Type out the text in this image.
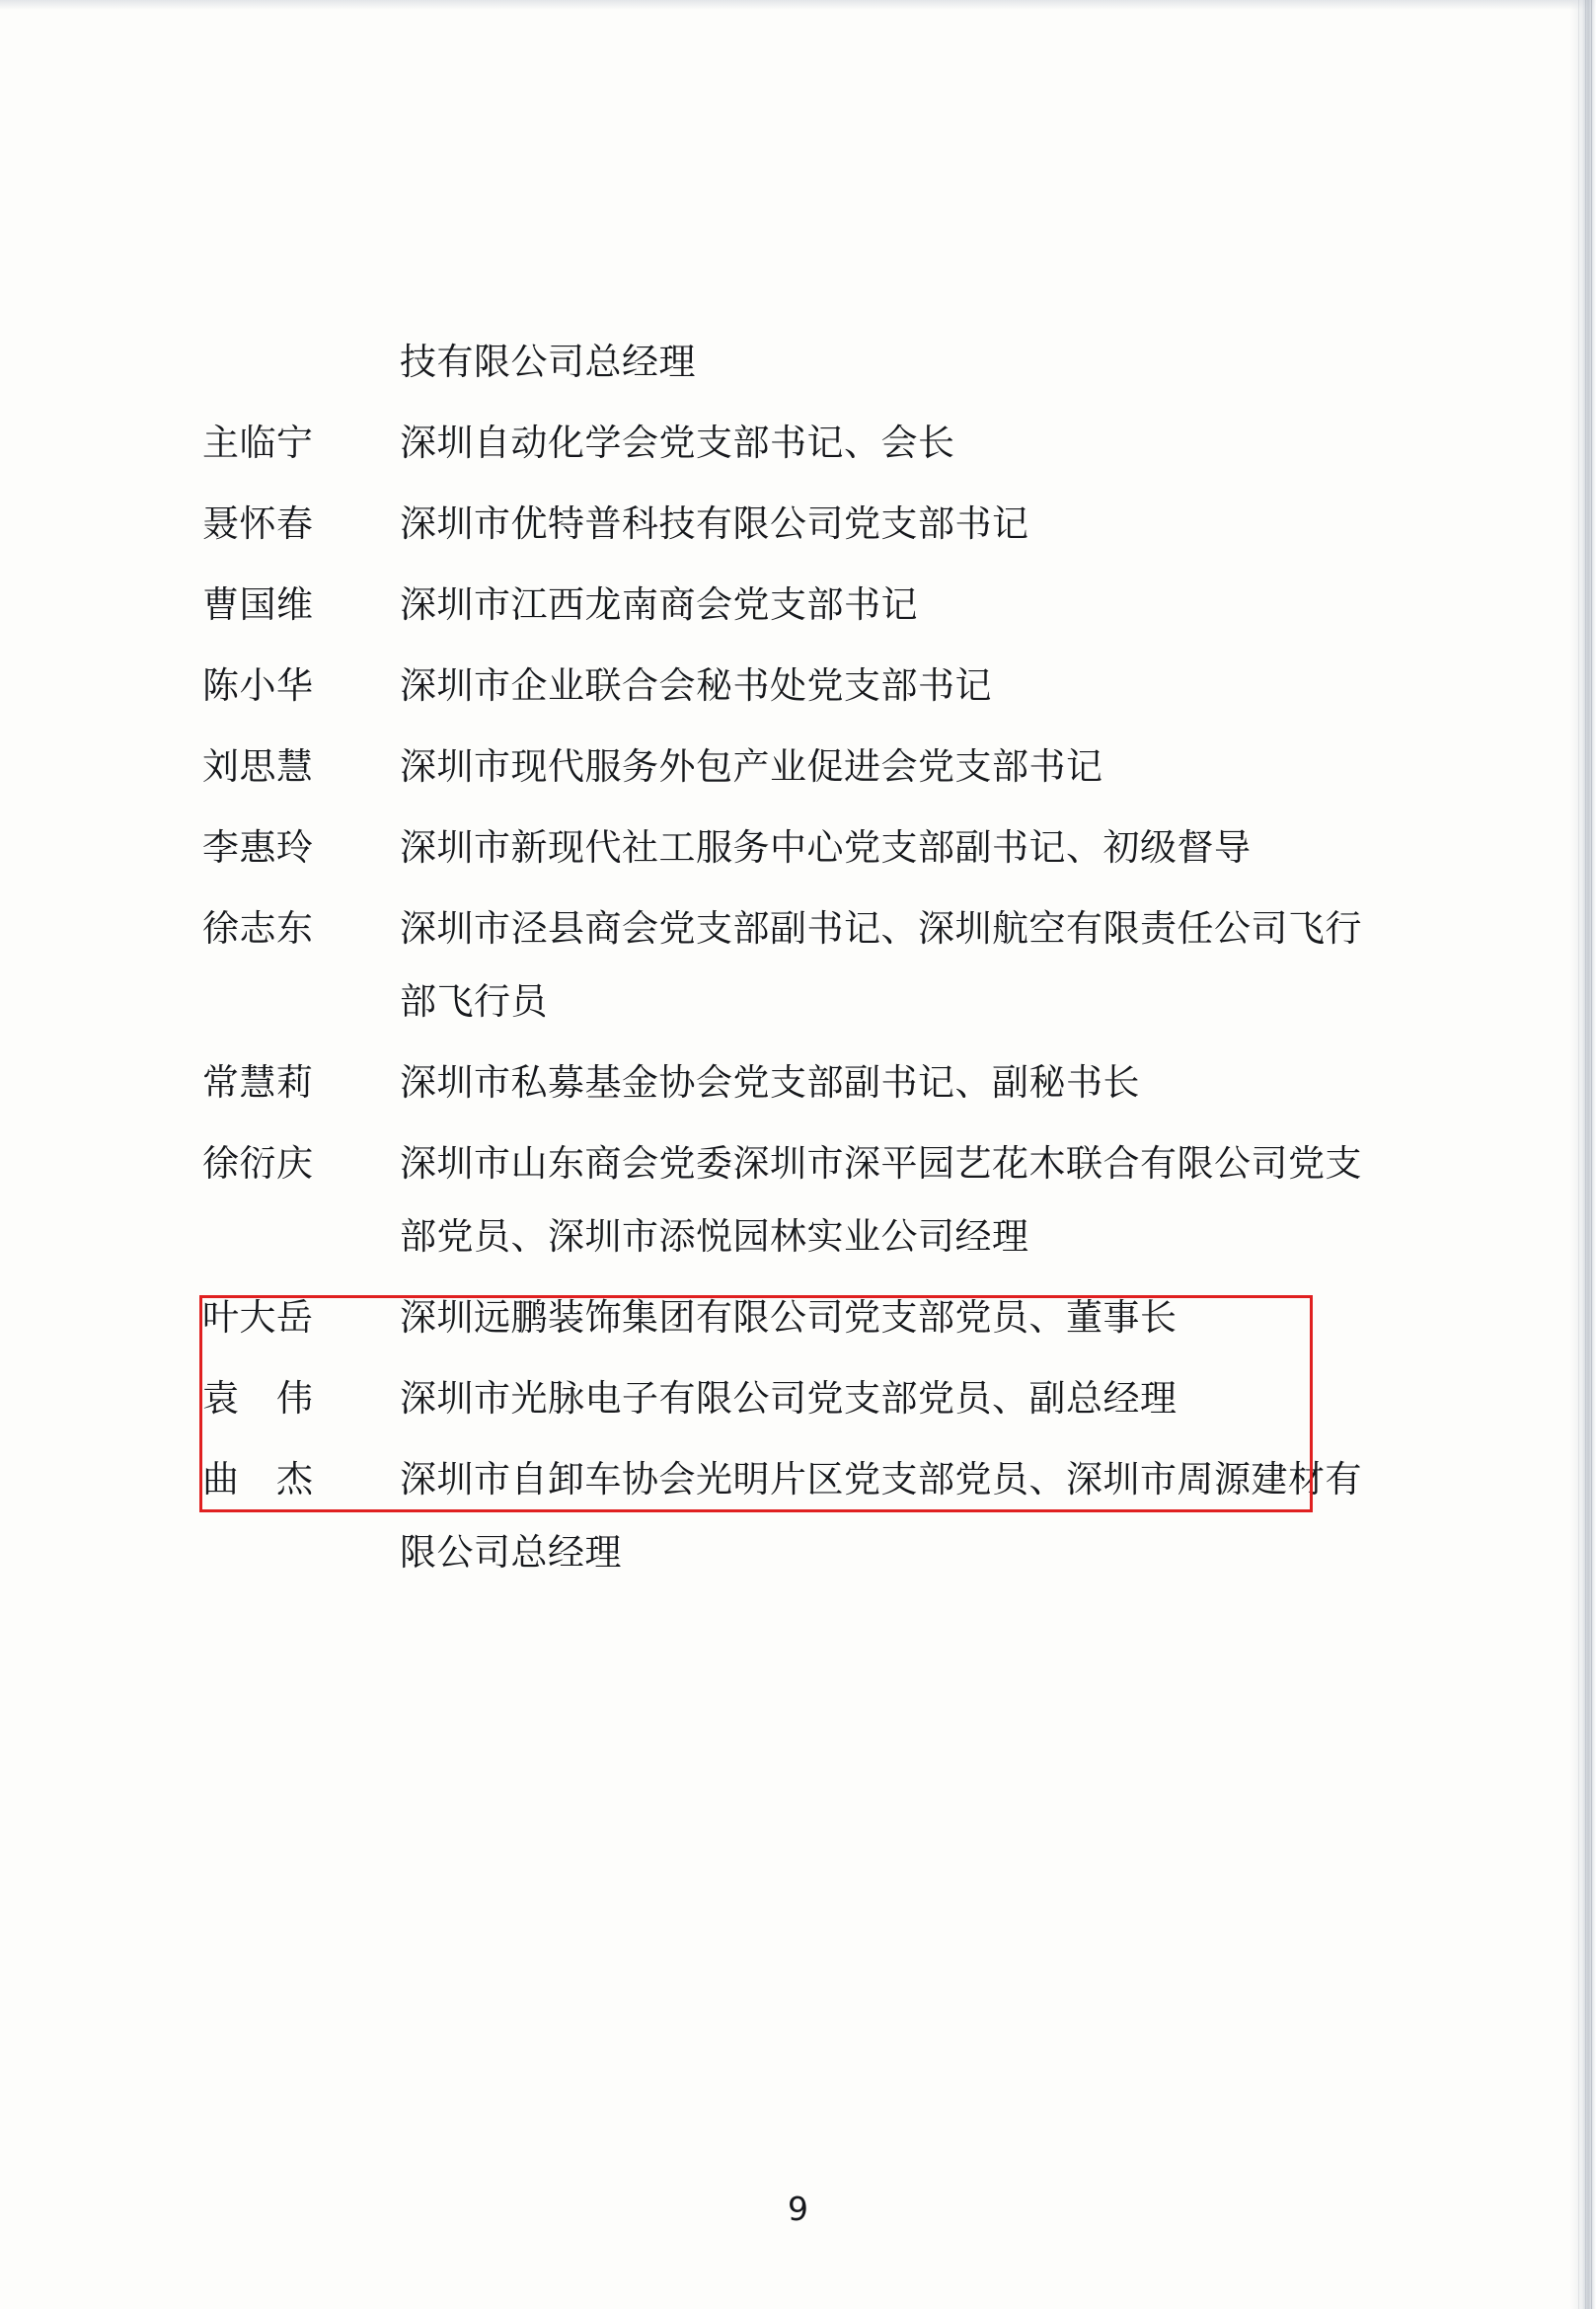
技有限公司总经理
主临宁	深圳自动化学会党支部书记、会长
聂怀春	深圳市优特普科技有限公司党支部书记
曹国维	深圳市江西龙南商会党支部书记
陈小华	深圳市企业联合会秘书处党支部书记
刘思慧	深圳市现代服务外包产业促进会党支部书记
李惠玲	深圳市新现代社工服务中心党支部副书记、初级督导
徐志东	深圳市泾县商会党支部副书记、深圳航空有限责任公司飞行部飞行员
常慧莉	深圳市私募基金协会党支部副书记、副秘书长
徐衍庆	深圳市山东商会党委深圳市深平园艺花木联合有限公司党支部党员、深圳市添悦园林实业公司经理
叶大岳	深圳远鹏装饰集团有限公司党支部党员、董事长
袁　伟	深圳市光脉电子有限公司党支部党员、副总经理
曲　杰	深圳市自卸车协会光明片区党支部党员、深圳市周源建材有限公司总经理
9
